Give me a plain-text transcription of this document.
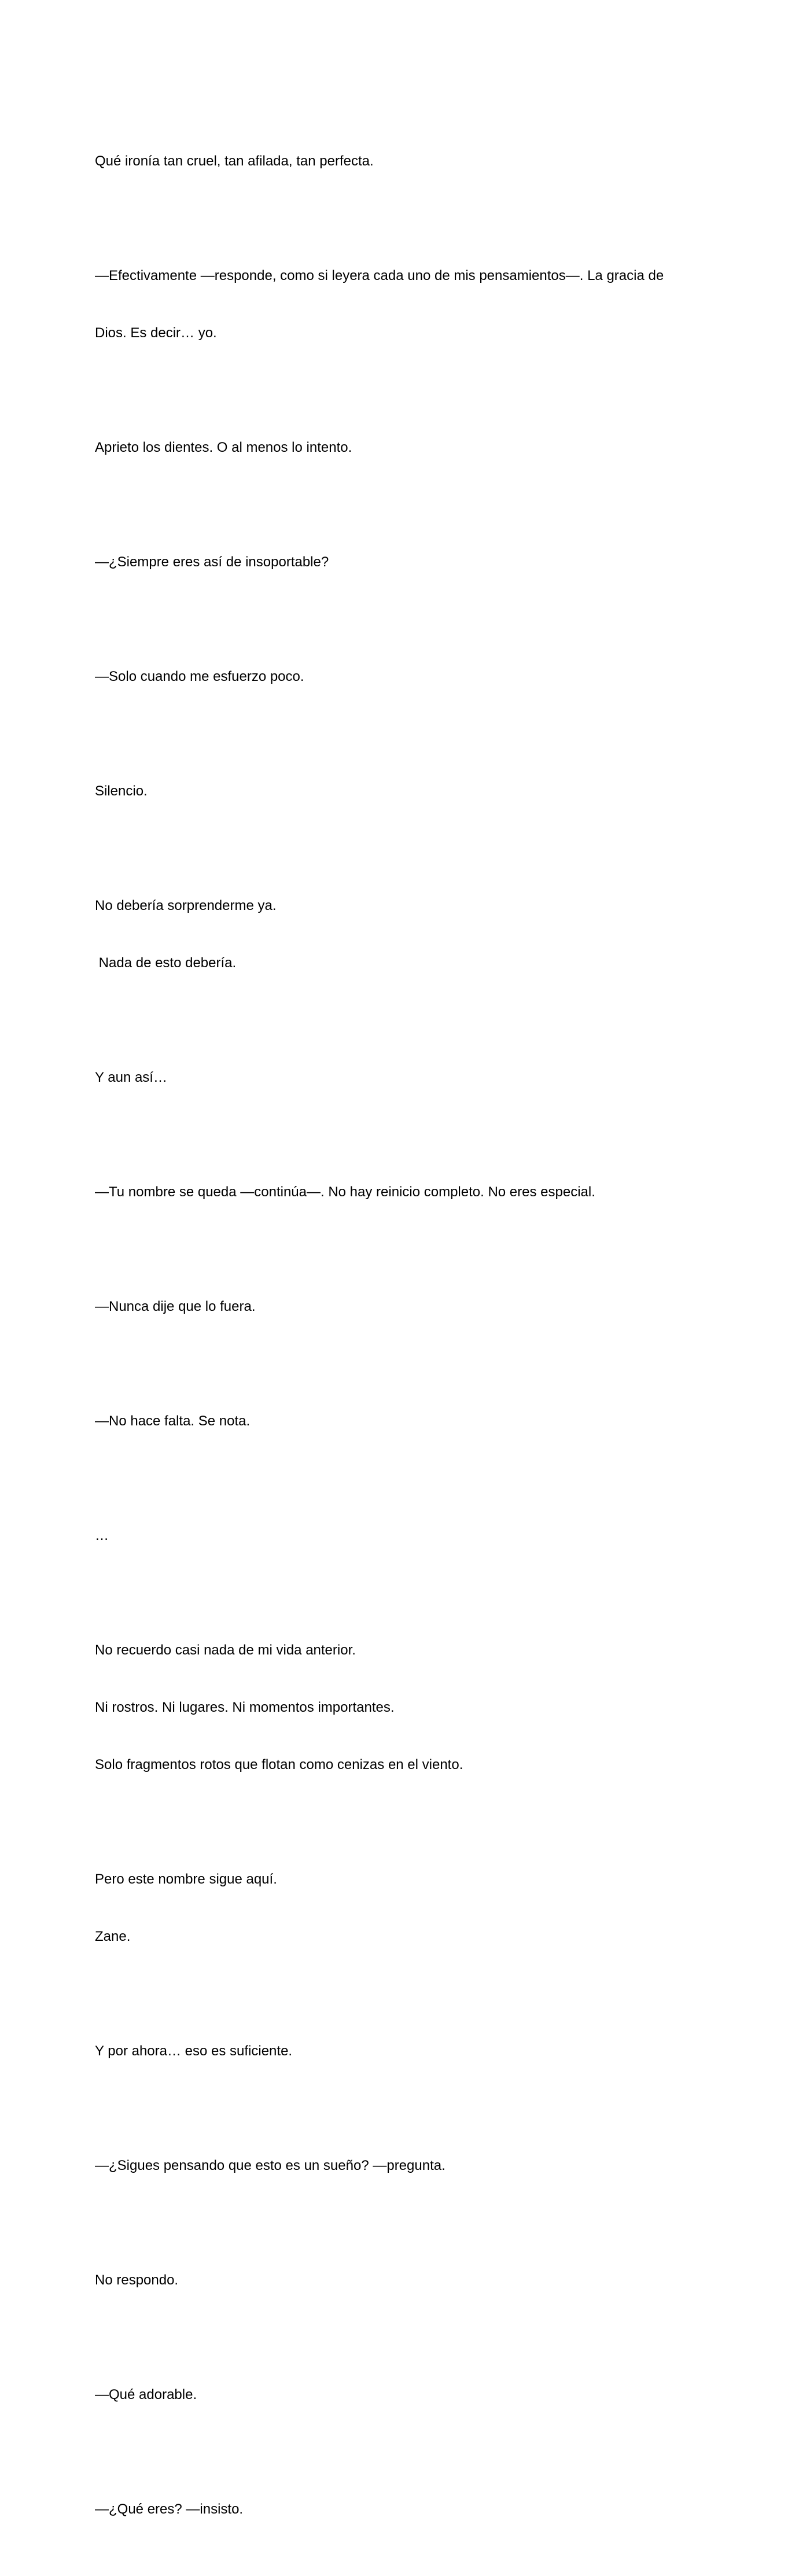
Qué ironía tan cruel, tan afilada, tan perfecta.

—Efectivamente —responde, como si leyera cada uno de mis pensamientos—. La gracia de

Dios. Es decir… yo.

Aprieto los dientes. O al menos lo intento.

—¿Siempre eres así de insoportable?

—Solo cuando me esfuerzo poco.

Silencio.

No debería sorprenderme ya.

Nada de esto debería.

Y aun así…

—Tu nombre se queda —continúa—. No hay reinicio completo. No eres especial.

—Nunca dije que lo fuera.

—No hace falta. Se nota.

…

No recuerdo casi nada de mi vida anterior.

Ni rostros. Ni lugares. Ni momentos importantes.

Solo fragmentos rotos que flotan como cenizas en el viento.

Pero este nombre sigue aquí.

Zane.

Y por ahora… eso es suficiente.

—¿Sigues pensando que esto es un sueño? —pregunta.

No respondo.

—Qué adorable.

—¿Qué eres? —insisto.
